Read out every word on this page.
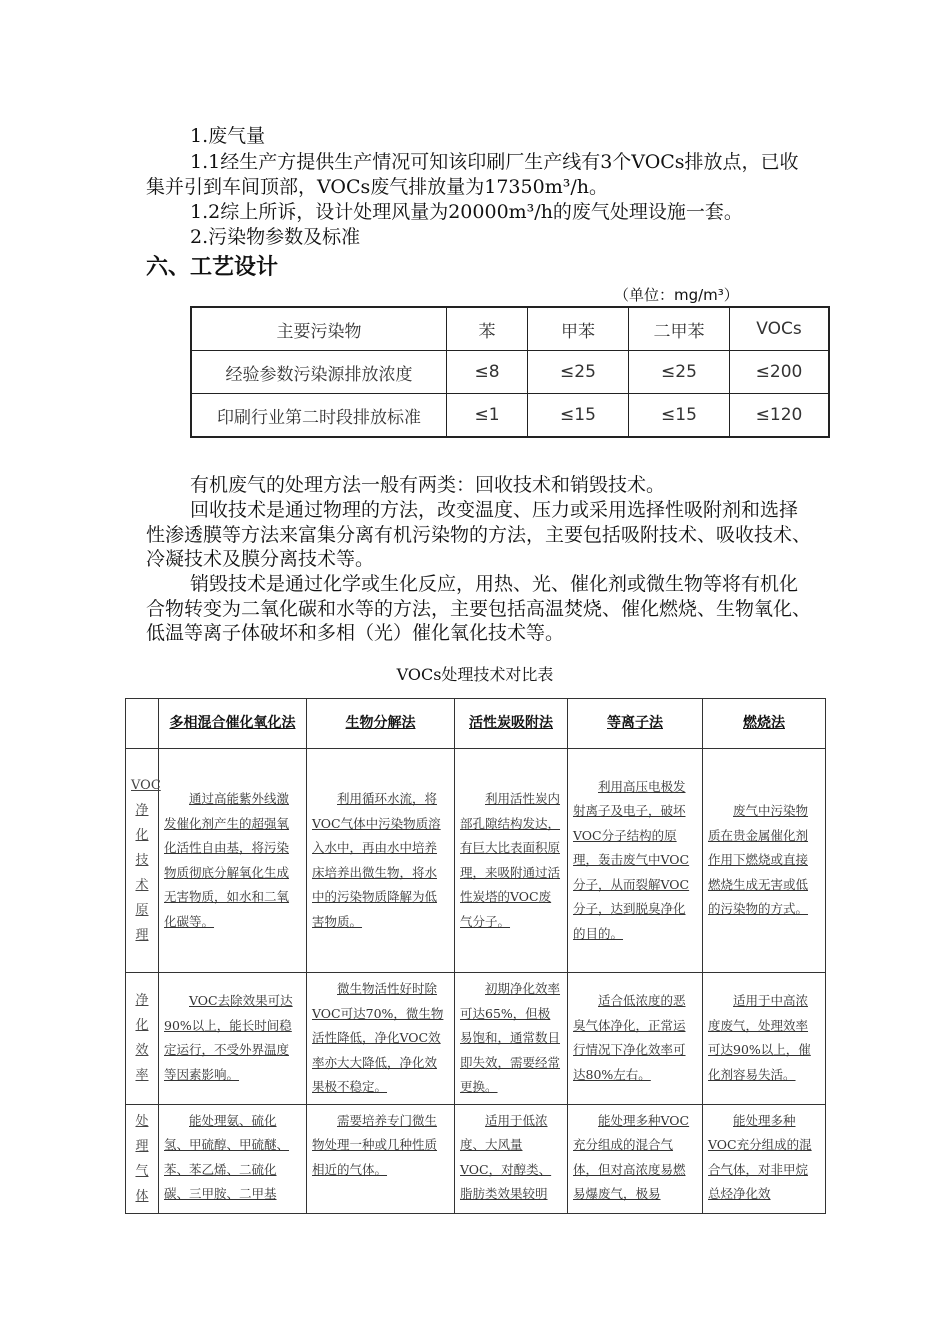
1.废气量

1.1经生产方提供生产情况可知该印刷厂生产线有3个VOCs排放点，已收集并引到车间顶部，VOCs废气排放量为17350m³/h。

1.2综上所诉，设计处理风量为20000m³/h的废气处理设施一套。

2.污染物参数及标准

六、工艺设计
（单位：mg/m³）
主要污染物	苯	甲苯	二甲苯	VOCs
经验参数污染源排放浓度	≤8	≤25	≤25	≤200
印刷行业第二时段排放标准	≤1	≤15	≤15	≤120

有机废气的处理方法一般有两类：回收技术和销毁技术。

回收技术是通过物理的方法，改变温度、压力或采用选择性吸附剂和选择性渗透膜等方法来富集分离有机污染物的方法，主要包括吸附技术、吸收技术、冷凝技术及膜分离技术等。

销毁技术是通过化学或生化反应，用热、光、催化剂或微生物等将有机化合物转变为二氧化碳和水等的方法，主要包括高温焚烧、催化燃烧、生物氧化、低温等离子体破坏和多相（光）催化氧化技术等。

VOCs处理技术对比表
	多相混合催化氧化法	生物分解法	活性炭吸附法	等离子法	燃烧法
VOC净化技术原理	通过高能紫外线激发催化剂产生的超强氧化活性自由基，将污染物质彻底分解氧化生成无害物质，如水和二氧化碳等。	利用循环水流，将VOC气体中污染物质溶入水中，再由水中培养床培养出微生物，将水中的污染物质降解为低害物质。	利用活性炭内部孔隙结构发达，有巨大比表面积原理，来吸附通过活性炭塔的VOC废气分子。	利用高压电极发射离子及电子，破坏VOC分子结构的原理，轰击废气中VOC分子，从而裂解VOC分子，达到脱臭净化的目的。	废气中污染物质在贵金属催化剂作用下燃烧或直接燃烧生成无害或低的污染物的方式。
净化效率	VOC去除效果可达90%以上，能长时间稳定运行，不受外界温度等因素影响。	微生物活性好时除VOC可达70%，微生物活性降低，净化VOC效率亦大大降低，净化效果极不稳定。	初期净化效率可达65%，但极易饱和，通常数日即失效，需要经常更换。	适合低浓度的恶臭气体净化，正常运行情况下净化效率可达80%左右。	适用于中高浓度废气，处理效率可达90%以上，催化剂容易失活。
处理气体	能处理氨、硫化氢、甲硫醇、甲硫醚、苯、苯乙烯、二硫化碳、三甲胺、二甲基	需要培养专门微生物处理一种或几种性质相近的气体。	适用于低浓度、大风量VOC，对醇类、脂肪类效果较明	能处理多种VOC充分组成的混合气体，但对高浓度易燃易爆废气，极易	能处理多种VOC充分组成的混合气体，对非甲烷总烃净化效
